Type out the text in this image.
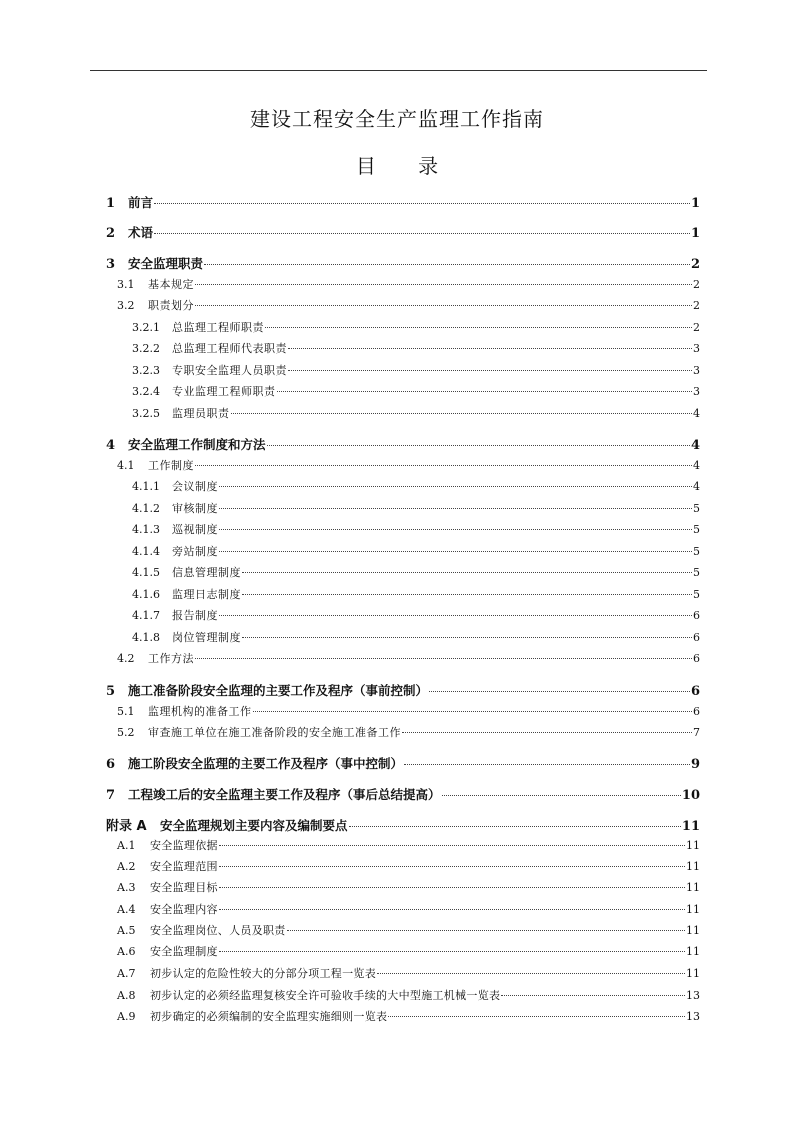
建设工程安全生产监理工作指南
目 录
1	前言	1
2	术语	1
3	安全监理职责	2
3.1	基本规定	2
3.2	职责划分	2
3.2.1	总监理工程师职责	2
3.2.2	总监理工程师代表职责	3
3.2.3	专职安全监理人员职责	3
3.2.4	专业监理工程师职责	3
3.2.5	监理员职责	4
4	安全监理工作制度和方法	4
4.1	工作制度	4
4.1.1	会议制度	4
4.1.2	审核制度	5
4.1.3	巡视制度	5
4.1.4	旁站制度	5
4.1.5	信息管理制度	5
4.1.6	监理日志制度	5
4.1.7	报告制度	6
4.1.8	岗位管理制度	6
4.2	工作方法	6
5	施工准备阶段安全监理的主要工作及程序（事前控制）	6
5.1	监理机构的准备工作	6
5.2	审查施工单位在施工准备阶段的安全施工准备工作	7
6	施工阶段安全监理的主要工作及程序（事中控制）	9
7	工程竣工后的安全监理主要工作及程序（事后总结提高）	10
附录 A	安全监理规划主要内容及编制要点	11
A.1	安全监理依据	11
A.2	安全监理范围	11
A.3	安全监理目标	11
A.4	安全监理内容	11
A.5	安全监理岗位、人员及职责	11
A.6	安全监理制度	11
A.7	初步认定的危险性较大的分部分项工程一览表	11
A.8	初步认定的必须经监理复核安全许可验收手续的大中型施工机械一览表	13
A.9	初步确定的必须编制的安全监理实施细则一览表	13
